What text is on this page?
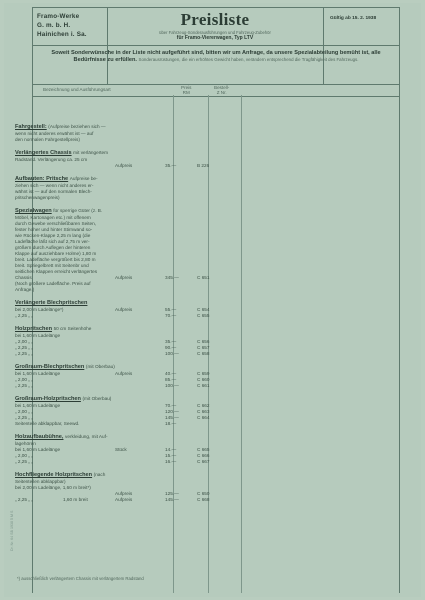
Framo-Werke
G. m. b. H.
Hainichen i. Sa.
Preisliste
über Fahrzeug-Sonderausführungen und Fahrzeug-Zubehör
für Framo-Viererwagen, Typ LTV
Gültig ab 15. 2. 1938
Soweit Sonderwünsche in der Liste nicht aufgeführt sind, bitten wir um Anfrage, da unsere Spezialabteilung bemüht ist, alle Bedürfnisse zu erfüllen. Sonderausrüstungen, die ein erhöhtes Gewicht haben, verändern entsprechend die Tragfähigkeit des Fahrzeugs.
Bezeichnung und Ausführungsart	Preis
RM
Bestell-
Z Nr.
Fahrgestell: (Aufpreise beziehen sich —
wenn nicht anderes erwähnt ist — auf
den normalen Fahrgestellpreis)
Verlängertes Chassis mit verlängertem
Radstand. Verlängerung ca. 25 cm
Aufpreis	35.—	B 226
Aufbauten: Pritsche Aufpreise be-
ziehen sich — wenn nicht anderes er-
wähnt ist — auf den normalen Blech-
pritschenwagenpreis)
Spezialwagen für sperrige Güter (z. B.
Möbel, Kartonagen etc.) mit offenem
durch Gewebe verschließbaren Seiten,
fester hoher und hinter Stirnwand so-
wie Rücken-Klappe 2,25 m lang (die
Ladefläche läßt sich auf 2,75 m ver-
größern durch Auflegen der hinteren
Klappe auf ausziehbare Holme) 1,80 m
breit. Ladefläche vergrößert bis 2,80 m
breit. Spriegelbrett mit Seitenbr und
seitlichen Klappen erreicht verlängertes
Chassis	Aufpreis	345.—	C 651
(Noch größere Ladefläche. Preis auf
Anfrage.)
Verlängerte Blechpritschen
bei 2,00 m Ladelänge*)	Aufpreis	55.—	C 654
„ 2,25 „ „	70.—	C 655
Holzpritschen 50 cm Seitenhöhe
bei 1,60 m Ladelänge
„ 2,00 „ „	35.—	C 656
„ 2,25 „ „	90.—	C 657
„ 2,25 „ „	100.—	C 658
Großraum-Blechpritschen (mit Oberbau)
bei 1,60 m Ladelänge	Aufpreis	40.—	C 659
„ 2,00 „ „	85.—	C 660
„ 2,25 „ „	100.—	C 661
Großraum-Holzpritschen (mit Oberbau)
bei 1,60 m Ladelänge	70.—	C 662
„ 2,00 „ „	120.—	C 663
„ 2,25 „ „	145.—	C 664
Seitenteile abklappbar, Seewd.	18.—
Holzaufbaubühne, verkleidung, mit Auf-
lagehören
bei 1,60 m Ladelänge	Stück	14.—	C 665
„ 2,00 „ „	15.—	C 666
„ 2,25 „ „	16.—	C 667
Hochfliegende Holzpritschen (nach
Seitenteilen abklappbar)
bei 2,00 m Ladelänge, 1,60 m breit*)
Aufpreis	125.—	C 650
„ 2,25 „ „	1,60 m breit	Aufpreis	145.—	C 668
*) ausschließlich verlängertem Chassis mit verlängertem Radstand
Dr. Nr. 64 SB 1938 5 M S
